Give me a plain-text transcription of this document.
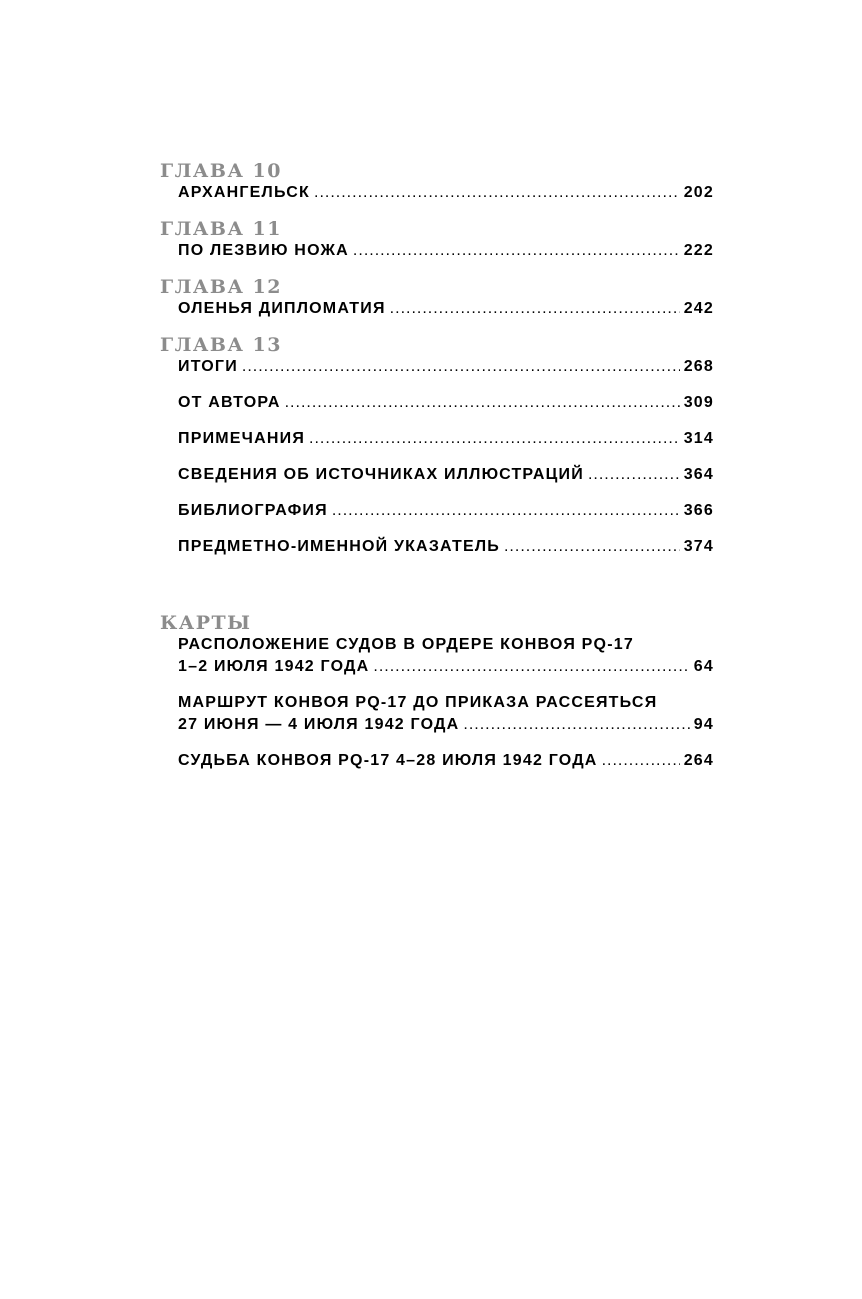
ГЛАВА 10
АРХАНГЕЛЬСК .....	202
ГЛАВА 11
ПО ЛЕЗВИЮ НОЖА .....	222
ГЛАВА 12
ОЛЕНЬЯ ДИПЛОМАТИЯ .....	242
ГЛАВА 13
ИТОГИ .....	268
ОТ АВТОРА .....	309
ПРИМЕЧАНИЯ .....	314
СВЕДЕНИЯ ОБ ИСТОЧНИКАХ ИЛЛЮСТРАЦИЙ .....	364
БИБЛИОГРАФИЯ .....	366
ПРЕДМЕТНО-ИМЕННОЙ УКАЗАТЕЛЬ .....	374
КАРТЫ
РАСПОЛОЖЕНИЕ СУДОВ В ОРДЕРЕ КОНВОЯ PQ-17
1–2 ИЮЛЯ 1942 ГОДА .....	64
МАРШРУТ КОНВОЯ PQ-17 ДО ПРИКАЗА РАССЕЯТЬСЯ
27 ИЮНЯ — 4 ИЮЛЯ 1942 ГОДА .....	94
СУДЬБА КОНВОЯ PQ-17 4–28 ИЮЛЯ 1942 ГОДА .....	264
